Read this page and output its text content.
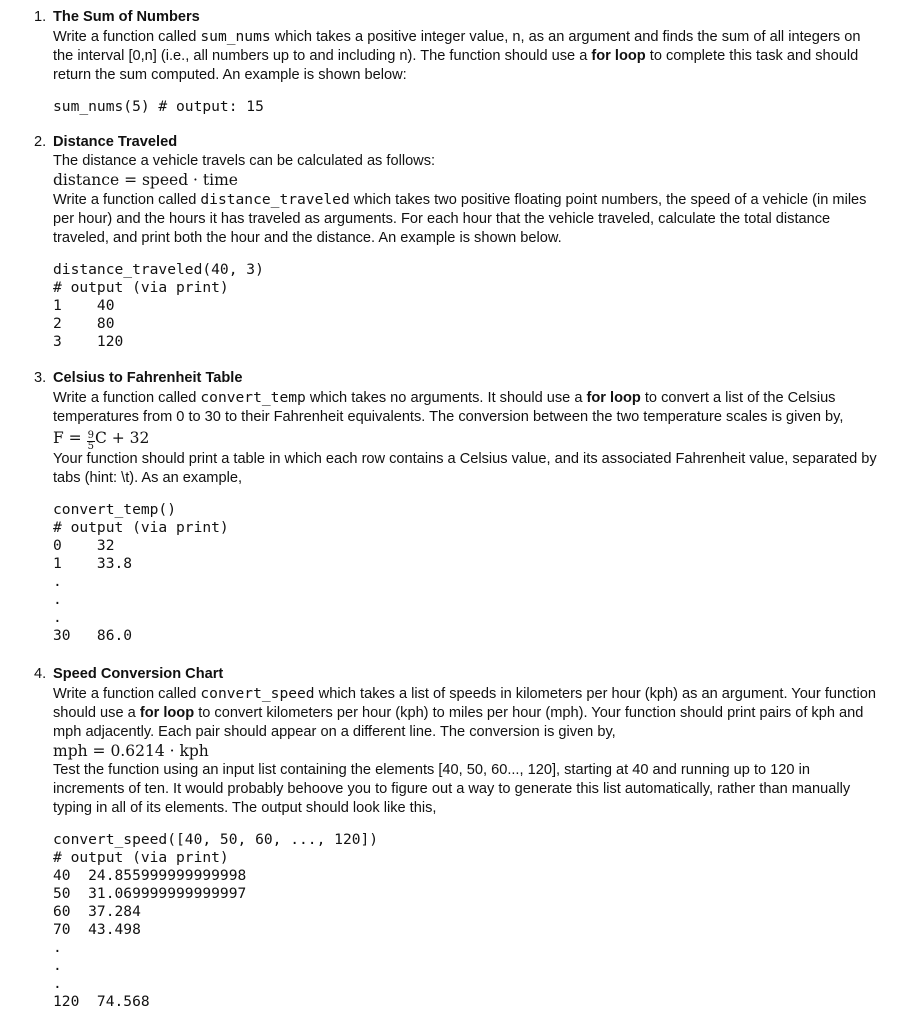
1. The Sum of Numbers

Write a function called sum_nums which takes a positive integer value, n, as an argument and finds the sum of all integers on the interval [0,n] (i.e., all numbers up to and including n). The function should use a for loop to complete this task and should return the sum computed. An example is shown below:

sum_nums(5) # output: 15
2. Distance Traveled

The distance a vehicle travels can be calculated as follows:

distance = speed · time

Write a function called distance_traveled which takes two positive floating point numbers, the speed of a vehicle (in miles per hour) and the hours it has traveled as arguments. For each hour that the vehicle traveled, calculate the total distance traveled, and print both the hour and the distance. An example is shown below.

distance_traveled(40, 3)
# output (via print)
1    40
2    80
3    120
3. Celsius to Fahrenheit Table

Write a function called convert_temp which takes no arguments. It should use a for loop to convert a list of the Celsius temperatures from 0 to 30 to their Fahrenheit equivalents. The conversion between the two temperature scales is given by,

$F = \frac{9}{5}$ C + 32

Your function should print a table in which each row contains a Celsius value, and its associated Fahrenheit value, separated by tabs (hint: \t). As an example,

convert_temp()
# output (via print)
0    32
1    33.8
.
.
.
30   86.0
4. Speed Conversion Chart

Write a function called convert_speed which takes a list of speeds in kilometers per hour (kph) as an argument. Your function should use a for loop to convert kilometers per hour (kph) to miles per hour (mph). Your function should print pairs of kph and mph adjacently. Each pair should appear on a different line. The conversion is given by,

mph = 0.6214 · kph

Test the function using an input list containing the elements [40, 50, 60..., 120], starting at 40 and running up to 120 in increments of ten. It would probably behoove you to figure out a way to generate this list automatically, rather than manually typing in all of its elements. The output should look like this,

convert_speed([40, 50, 60, ..., 120])
# output (via print)
40  24.855999999999998
50  31.069999999999997
60  37.284
70  43.498
.
.
.
120  74.568
